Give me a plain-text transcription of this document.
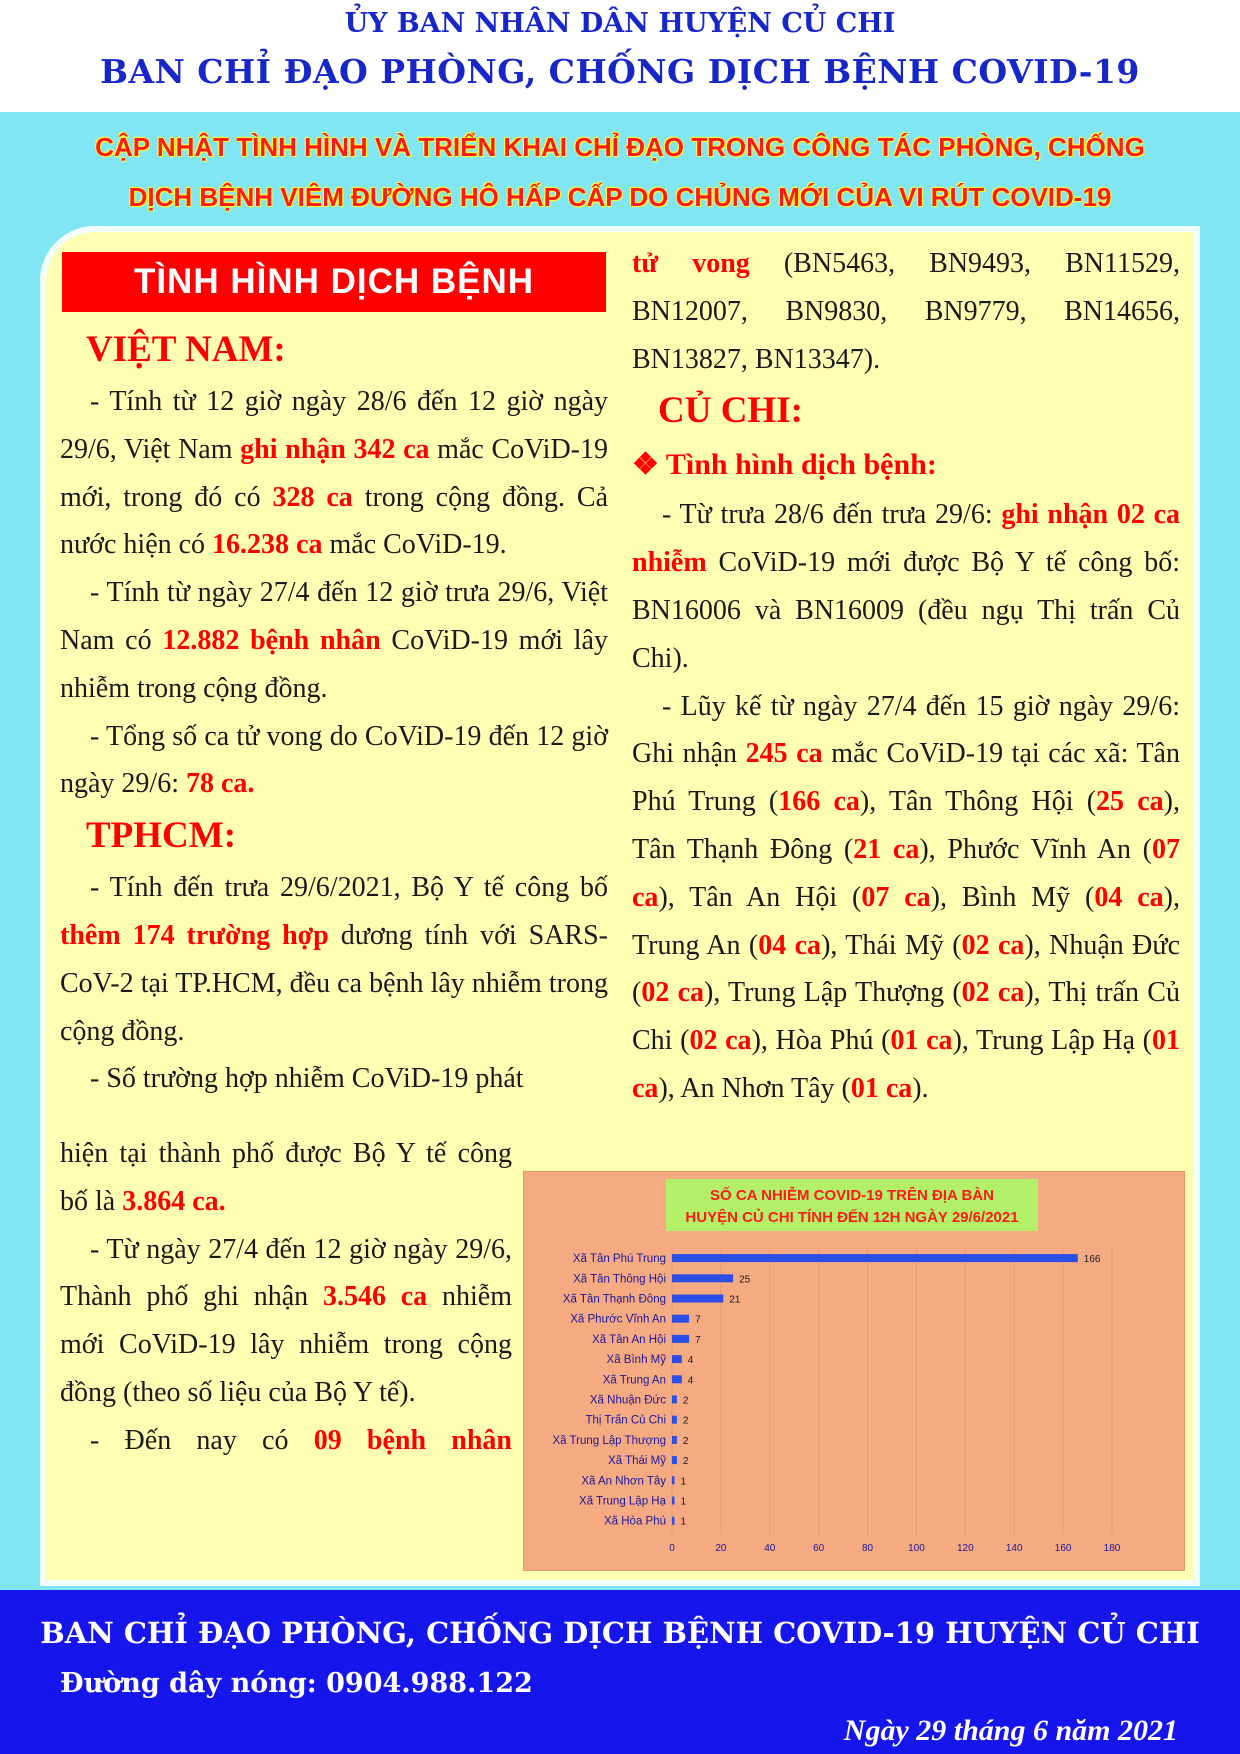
ỦY BAN NHÂN DÂN HUYỆN CỦ CHI
BAN CHỈ ĐẠO PHÒNG, CHỐNG DỊCH BỆNH COVID-19
CẬP NHẬT TÌNH HÌNH VÀ TRIỂN KHAI CHỈ ĐẠO TRONG CÔNG TÁC PHÒNG, CHỐNG
DỊCH BỆNH VIÊM ĐƯỜNG HÔ HẤP CẤP DO CHỦNG MỚI CỦA VI RÚT COVID-19
TÌNH HÌNH DỊCH BỆNH

VIỆT NAM:

- Tính từ 12 giờ ngày 28/6 đến 12 giờ ngày 29/6, Việt Nam ghi nhận 342 ca mắc CoViD-19 mới, trong đó có 328 ca trong cộng đồng. Cả nước hiện có 16.238 ca mắc CoViD-19.

- Tính từ ngày 27/4 đến 12 giờ trưa 29/6, Việt Nam có 12.882 bệnh nhân CoViD-19 mới lây nhiễm trong cộng đồng.

- Tổng số ca tử vong do CoViD-19 đến 12 giờ ngày 29/6: 78 ca.

TPHCM:

- Tính đến trưa 29/6/2021, Bộ Y tế công bố thêm 174 trường hợp dương tính với SARS-CoV-2 tại TP.HCM, đều ca bệnh lây nhiễm trong cộng đồng.

- Số trường hợp nhiễm CoViD-19 phát

hiện tại thành phố được Bộ Y tế công bố là 3.864 ca.

- Từ ngày 27/4 đến 12 giờ ngày 29/6, Thành phố ghi nhận 3.546 ca nhiễm mới CoViD-19 lây nhiễm trong cộng đồng (theo số liệu của Bộ Y tế).

- Đến nay có 09 bệnh nhân

tử vong (BN5463, BN9493, BN11529, BN12007, BN9830, BN9779, BN14656, BN13827, BN13347).

CỦ CHI:

❖ Tình hình dịch bệnh:

- Từ trưa 28/6 đến trưa 29/6: ghi nhận 02 ca nhiễm CoViD-19 mới được Bộ Y tế công bố: BN16006 và BN16009 (đều ngụ Thị trấn Củ Chi).

- Lũy kế từ ngày 27/4 đến 15 giờ ngày 29/6: Ghi nhận 245 ca mắc CoViD-19 tại các xã: Tân Phú Trung (166 ca), Tân Thông Hội (25 ca), Tân Thạnh Đông (21 ca), Phước Vĩnh An (07 ca), Tân An Hội (07 ca), Bình Mỹ (04 ca), Trung An (04 ca), Thái Mỹ (02 ca), Nhuận Đức (02 ca), Trung Lập Thượng (02 ca), Thị trấn Củ Chi (02 ca), Hòa Phú (01 ca), Trung Lập Hạ (01 ca), An Nhơn Tây (01 ca).

SỐ CA NHIỄM COVID-19 TRÊN ĐỊA BÀN
HUYỆN CỦ CHI TÍNH ĐẾN 12H NGÀY 29/6/2021
0	20	40	60	80	100	120	140	160	180
Xã Tân Phú Trung	166
Xã Tân Thông Hội	25
Xã Tân Thạnh Đông	21
Xã Phước Vĩnh An	7
Xã Tân An Hội	7
Xã Bình Mỹ 4
Xã Trung An 4
Xã Nhuận Đức 2
Thị Trấn Củ Chi 2
Xã Trung Lập Thượng 2
Xã Thái Mỹ 2
Xã An Nhơn Tây 1
Xã Trung Lập Hạ 1
Xã Hòa Phú 1
BAN CHỈ ĐẠO PHÒNG, CHỐNG DỊCH BỆNH COVID-19 HUYỆN CỦ CHI
Đường dây nóng: 0904.988.122
Ngày 29 tháng 6 năm 2021
